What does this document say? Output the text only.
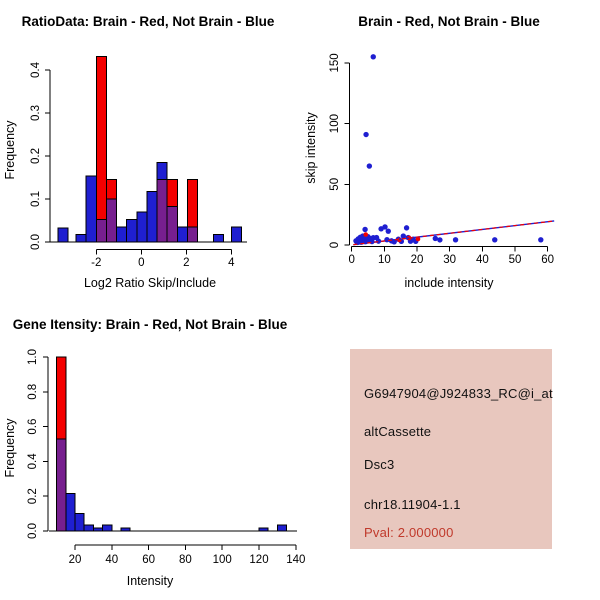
-2	0	2	4
0.0
0.1
0.2
0.3
0.4
RatioData: Brain - Red, Not Brain - Blue
Log2 Ratio Skip/Include
Frequency
0 10 20 30 40 50 60
0
50
100
150
Brain - Red, Not Brain - Blue
include intensity
skip intensity
20 40 60 80 100 120 140
0.0
0.2
0.4
0.6
0.8
1.0
Gene Itensity: Brain - Red, Not Brain - Blue
Intensity
Frequency
G6947904@J924833_RC@i_at
altCassette
Dsc3
chr18.11904-1.1
Pval: 2.000000
